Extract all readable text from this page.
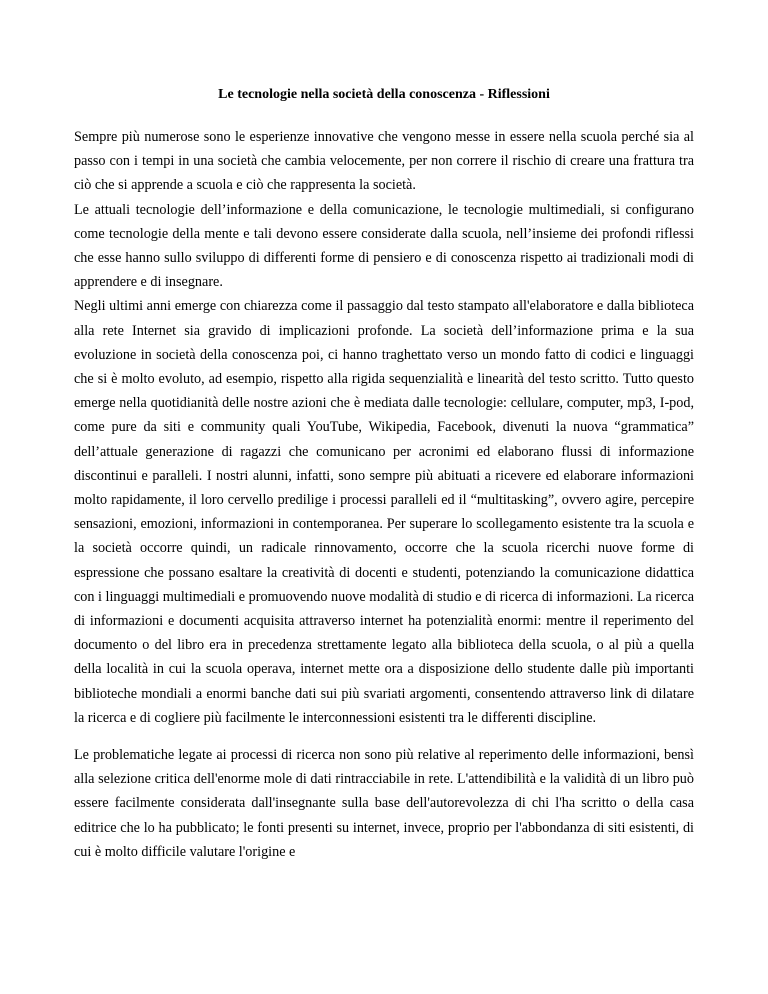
Le tecnologie nella società della conoscenza - Riflessioni

Sempre più numerose sono le esperienze innovative che vengono messe in essere nella scuola perché sia al passo con i tempi in una società che cambia velocemente, per non correre il rischio di creare una frattura tra ciò che si apprende a scuola e ciò che rappresenta la società.

Le attuali tecnologie dell’informazione e della comunicazione, le tecnologie multimediali, si configurano come tecnologie della mente e tali devono essere considerate dalla scuola, nell’insieme dei profondi riflessi che esse hanno sullo sviluppo di differenti forme di pensiero e di conoscenza rispetto ai tradizionali modi di apprendere e di insegnare.

Negli ultimi anni emerge con chiarezza come il passaggio dal testo stampato all'elaboratore e dalla biblioteca alla rete Internet sia gravido di implicazioni profonde. La società dell’informazione prima e la sua evoluzione in società della conoscenza poi, ci hanno traghettato verso un mondo fatto di codici e linguaggi che si è molto evoluto, ad esempio, rispetto alla rigida sequenzialità e linearità del testo scritto. Tutto questo emerge nella quotidianità delle nostre azioni che è mediata dalle tecnologie: cellulare, computer, mp3, I-pod, come pure da siti e community quali YouTube, Wikipedia, Facebook, divenuti la nuova “grammatica” dell’attuale generazione di ragazzi che comunicano per acronimi ed elaborano flussi di informazione discontinui e paralleli. I nostri alunni, infatti, sono sempre più abituati a ricevere ed elaborare informazioni molto rapidamente, il loro cervello predilige i processi paralleli ed il “multitasking”, ovvero agire, percepire sensazioni, emozioni, informazioni in contemporanea. Per superare lo scollegamento esistente tra la scuola e la società occorre quindi, un radicale rinnovamento, occorre che la scuola ricerchi nuove forme di espressione che possano esaltare la creatività di docenti e studenti, potenziando la comunicazione didattica con i linguaggi multimediali e promuovendo nuove modalità di studio e di ricerca di informazioni. La ricerca di informazioni e documenti acquisita attraverso internet ha potenzialità enormi: mentre il reperimento del documento o del libro era in precedenza strettamente legato alla biblioteca della scuola, o al più a quella della località in cui la scuola operava, internet mette ora a disposizione dello studente dalle più importanti biblioteche mondiali a enormi banche dati sui più svariati argomenti, consentendo attraverso link di dilatare la ricerca e di cogliere più facilmente le interconnessioni esistenti tra le differenti discipline.

Le problematiche legate ai processi di ricerca non sono più relative al reperimento delle informazioni, bensì alla selezione critica dell'enorme mole di dati rintracciabile in rete. L'attendibilità e la validità di un libro può essere facilmente considerata dall'insegnante sulla base dell'autorevolezza di chi l'ha scritto o della casa editrice che lo ha pubblicato; le fonti presenti su internet, invece, proprio per l'abbondanza di siti esistenti, di cui è molto difficile valutare l'origine e
